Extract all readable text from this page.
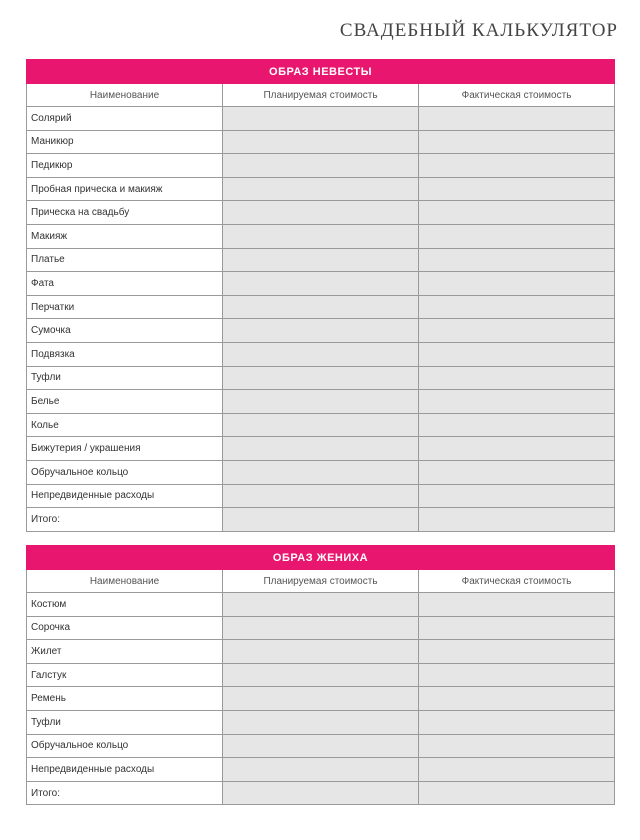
СВАДЕБНЫЙ КАЛЬКУЛЯТОР
ОБРАЗ НЕВЕСТЫ		
Наименование	Планируемая стоимость	Фактическая стоимость
Солярий		
Маникюр		
Педикюр		
Пробная прическа и макияж		
Прическа на свадьбу		
Макияж		
Платье		
Фата		
Перчатки		
Сумочка		
Подвязка		
Туфли		
Белье		
Колье		
Бижутерия / украшения		
Обручальное кольцо		
Непредвиденные расходы		
Итого:		
ОБРАЗ ЖЕНИХА		
Наименование	Планируемая стоимость	Фактическая стоимость
Костюм		
Сорочка		
Жилет		
Галстук		
Ремень		
Туфли		
Обручальное кольцо		
Непредвиденные расходы		
Итого:		
